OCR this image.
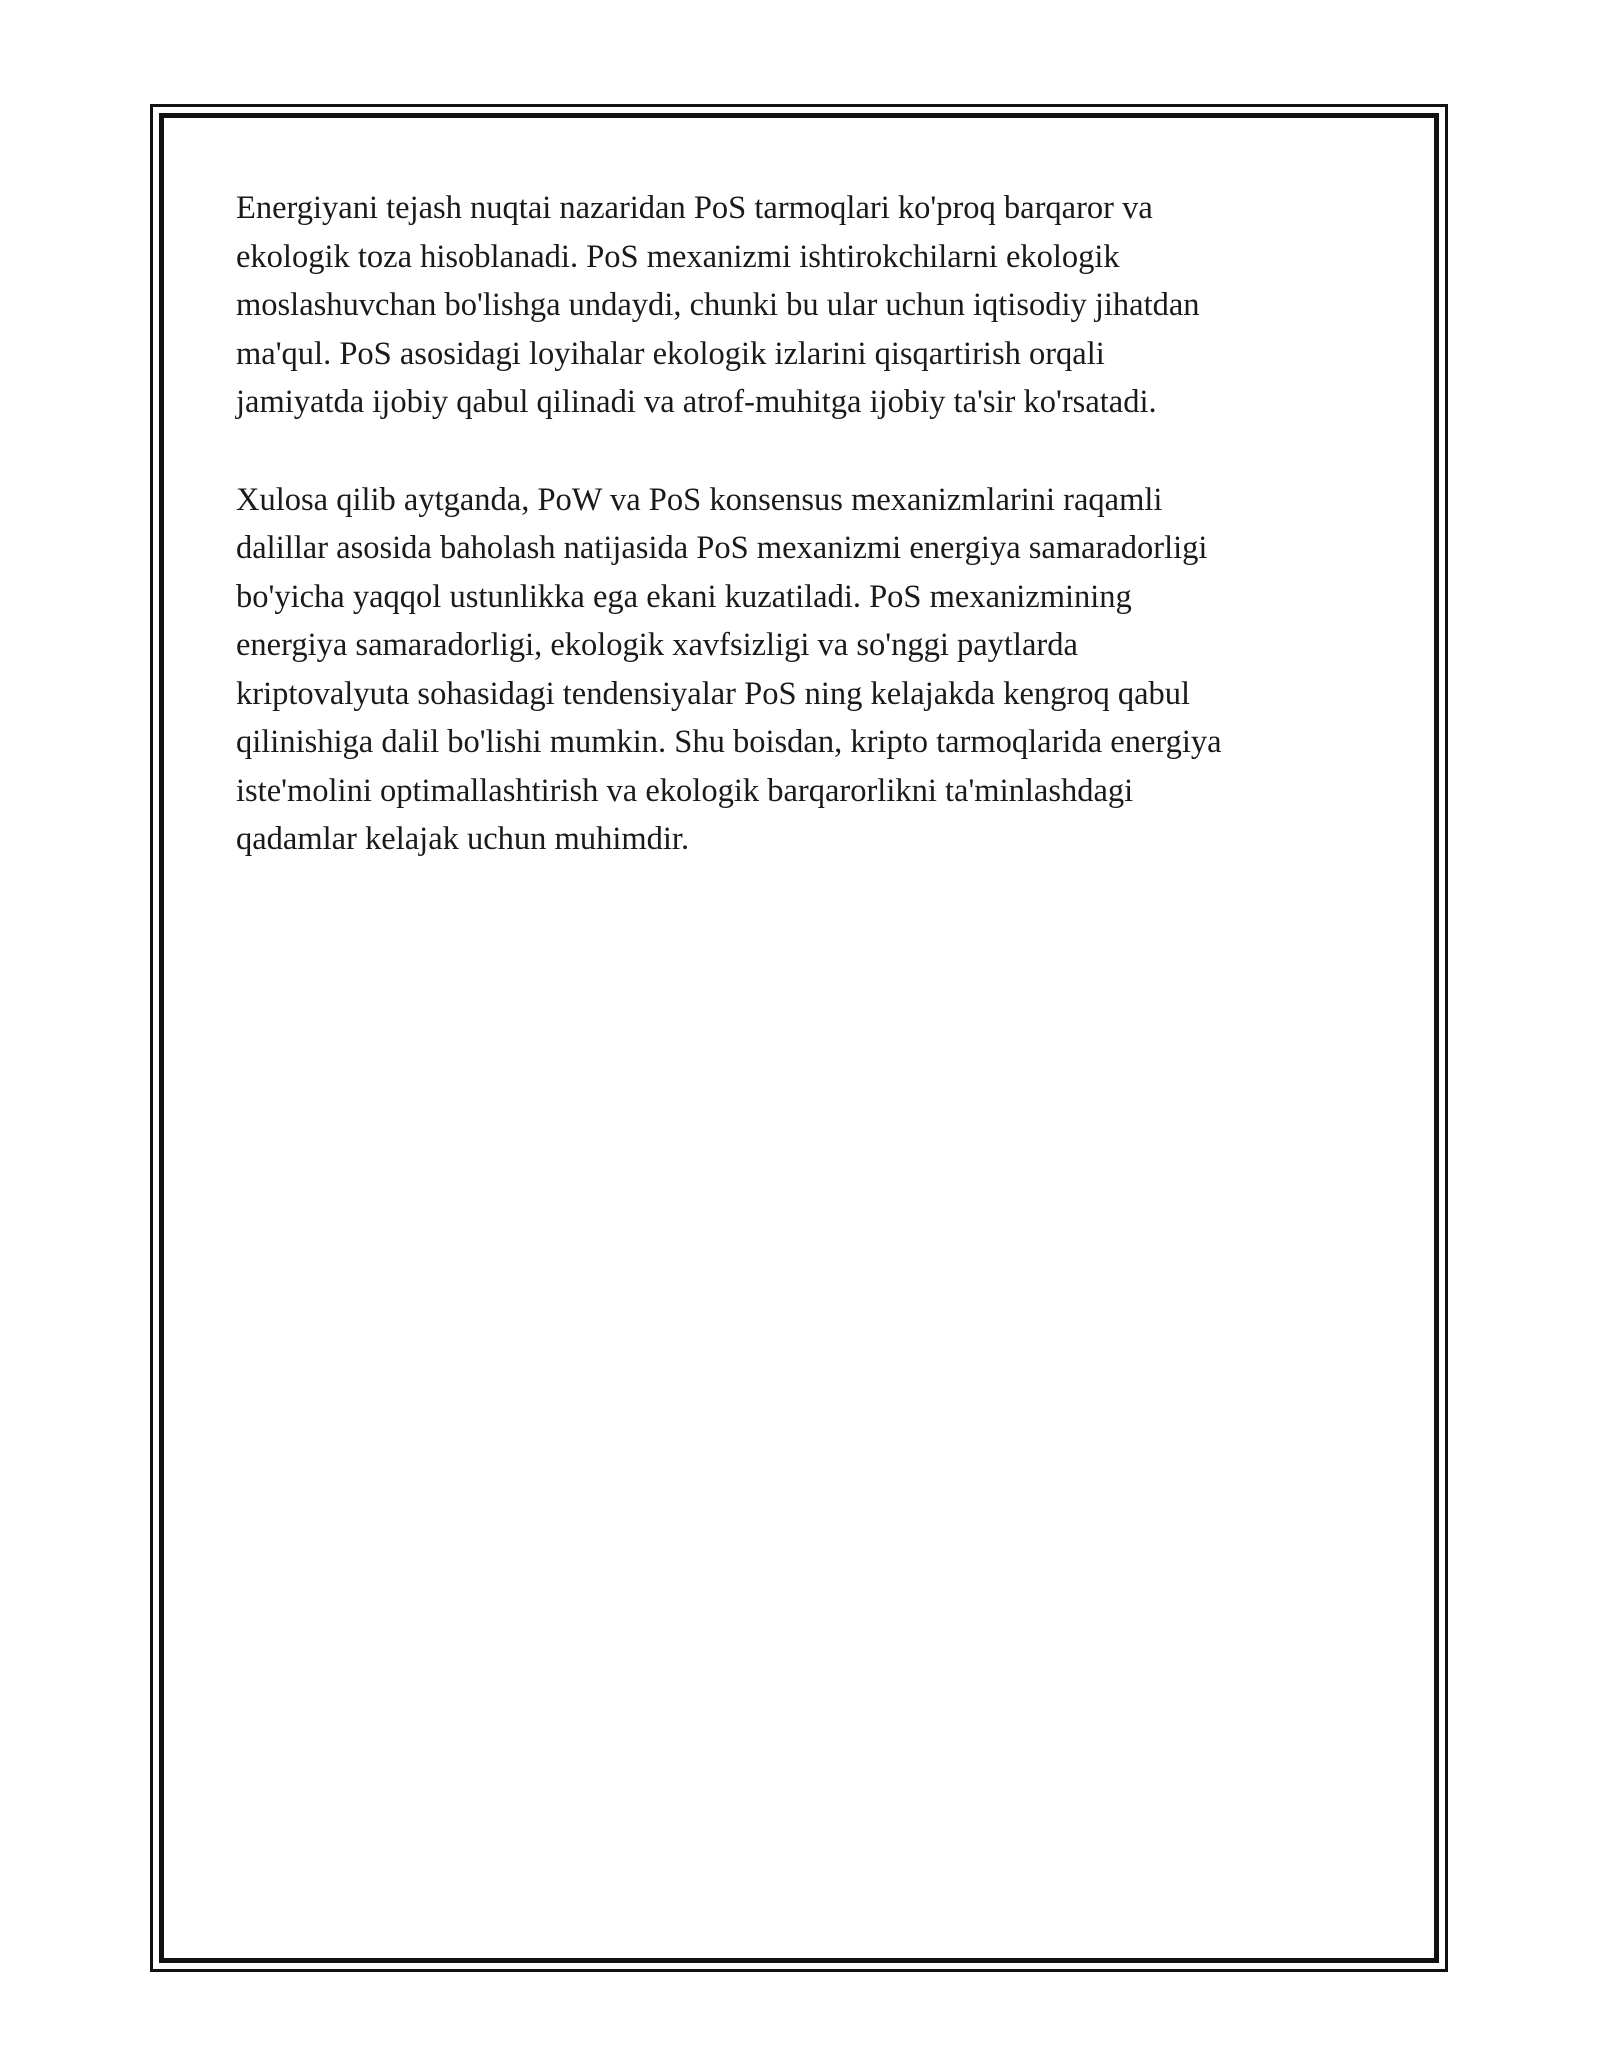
Energiyani tejash nuqtai nazaridan PoS tarmoqlari ko'proq barqaror va
ekologik toza hisoblanadi. PoS mexanizmi ishtirokchilarni ekologik
moslashuvchan bo'lishga undaydi, chunki bu ular uchun iqtisodiy jihatdan
ma'qul. PoS asosidagi loyihalar ekologik izlarini qisqartirish orqali
jamiyatda ijobiy qabul qilinadi va atrof-muhitga ijobiy ta'sir ko'rsatadi.

Xulosa qilib aytganda, PoW va PoS konsensus mexanizmlarini raqamli
dalillar asosida baholash natijasida PoS mexanizmi energiya samaradorligi
bo'yicha yaqqol ustunlikka ega ekani kuzatiladi. PoS mexanizmining
energiya samaradorligi, ekologik xavfsizligi va so'nggi paytlarda
kriptovalyuta sohasidagi tendensiyalar PoS ning kelajakda kengroq qabul
qilinishiga dalil bo'lishi mumkin. Shu boisdan, kripto tarmoqlarida energiya
iste'molini optimallashtirish va ekologik barqarorlikni ta'minlashdagi
qadamlar kelajak uchun muhimdir.
